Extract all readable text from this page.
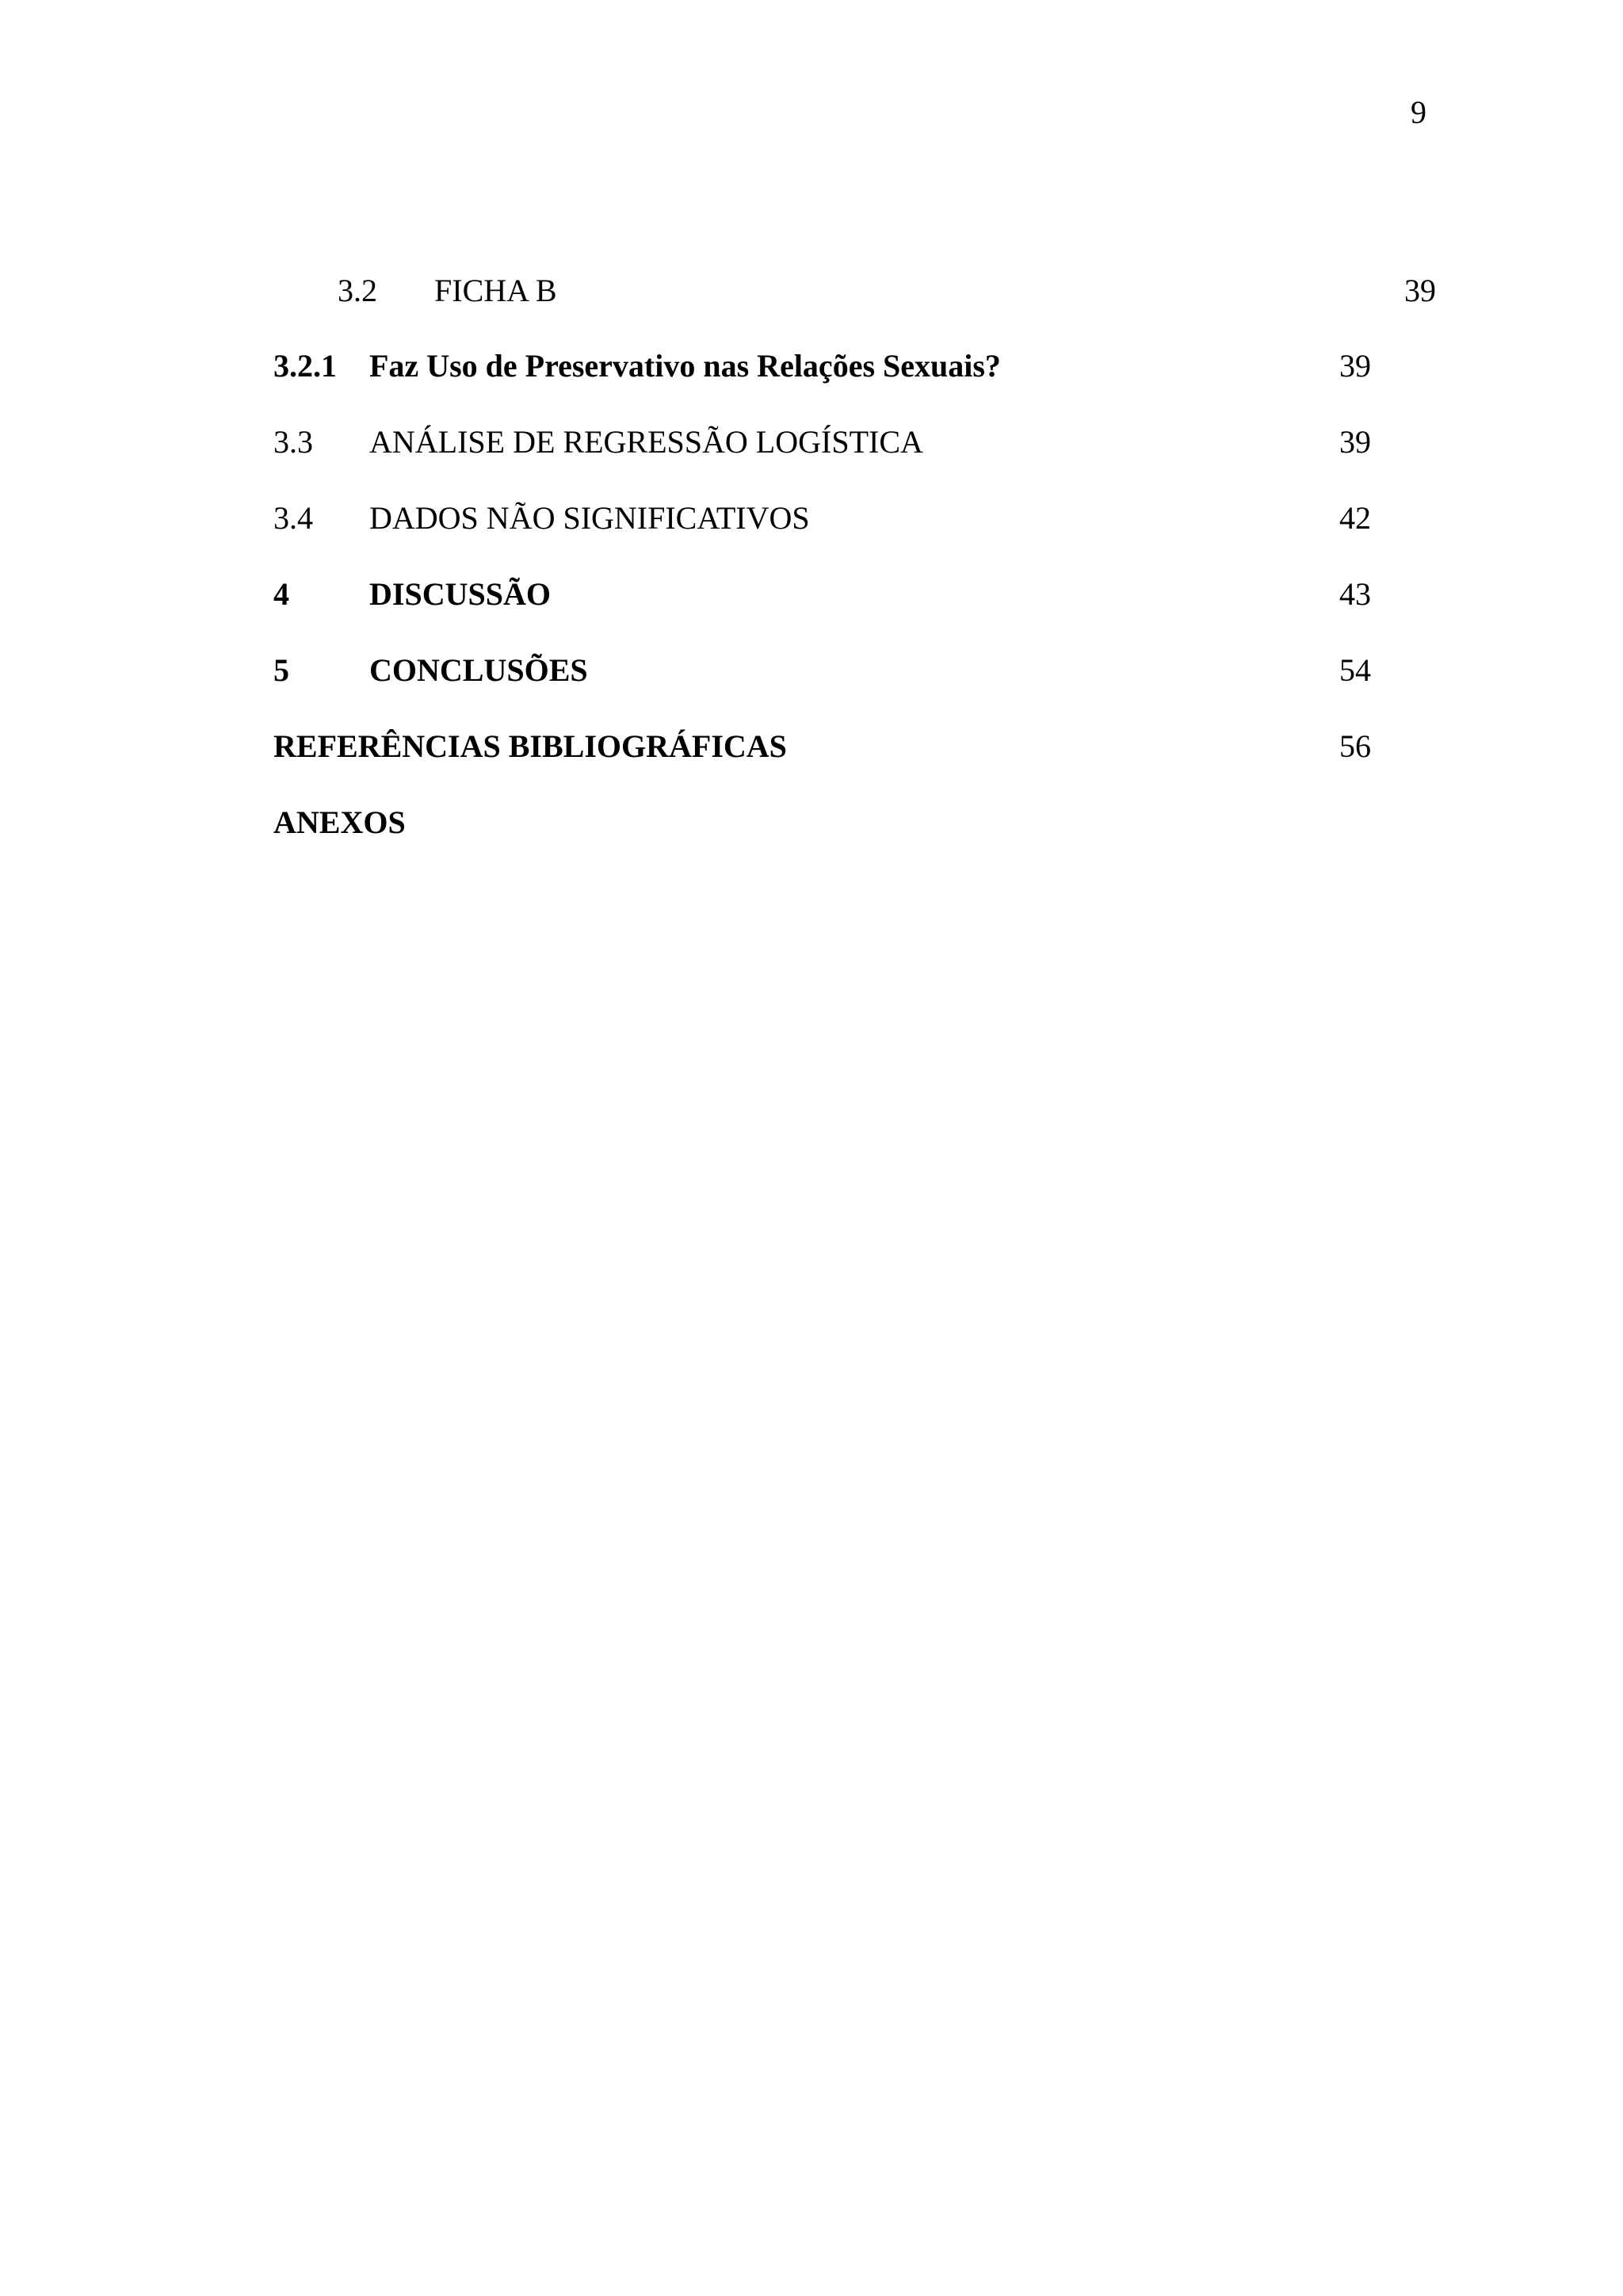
9
3.2 FICHA B	39
3.2.1 Faz Uso de Preservativo nas Relações Sexuais?	39
3.3 ANÁLISE DE REGRESSÃO LOGÍSTICA	39
3.4 DADOS NÃO SIGNIFICATIVOS	42
4	DISCUSSÃO	43
5	CONCLUSÕES	54
REFERÊNCIAS BIBLIOGRÁFICAS	56
ANEXOS
